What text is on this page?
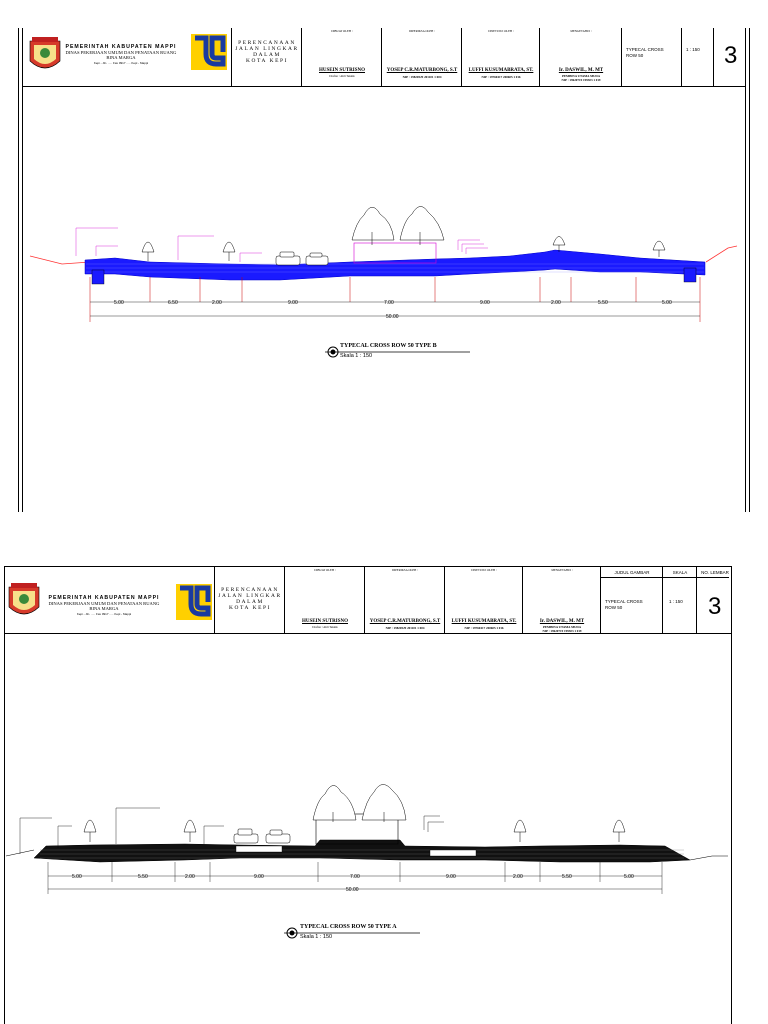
PEMERINTAH KABUPATEN MAPPI
DINAS PEKERJAAN UMUM DAN PENATAAN RUANG
BINA MARGA
Kepi - Jln. ..... Fax 0917 ..... Kepi - Mappi
PERENCANAAN
JALAN LINGKAR
DALAM
KOTA KEPI
DIBUAT OLEH :
HUSEIN SUTRISNO
Drafter / Ahli Teknik
DIPERIKSA OLEH :
YOSEP C.R.MATURBONG, S.T
NIP : 19820529 201101 1 004
DISETUJUI OLEH :
LUFFI KUSUMABRATA, ST.
NIP : 19760417 200605 1 016
MENGETAHUI :
Ir. DASWIL, M. MT
PEMBINA UTAMA MUDA
NIP : 19620719 199303 1 019
TYPECAL CROSS
ROW 50
1 : 150 3
5.00	6.50	2.00	9.00	7.00	9.00	2.00	5.50	5.00
50.00
TYPECAL CROSS ROW 50 TYPE B
Skala 1 : 150
PEMERINTAH KABUPATEN MAPPI
DINAS PEKERJAAN UMUM DAN PENATAAN RUANG
BINA MARGA
Kepi - Jln. ..... Fax 0917 ..... Kepi - Mappi
PERENCANAAN
JALAN LINGKAR
DALAM
KOTA KEPI
DIBUAT OLEH :
HUSEIN SUTRISNO
Drafter / Ahli Teknik
DIPERIKSA OLEH :
YOSEP C.R.MATURBONG, S.T
NIP : 19820529 201101 1 004
DISETUJUI OLEH :
LUFFI KUSUMABRATA, ST.
NIP : 19760417 200605 1 016
MENGETAHUI :
Ir. DASWIL, M. MT
PEMBINA UTAMA MUDA
NIP : 19620719 199303 1 019
JUDUL GAMBAR
TYPECAL CROSS
ROW 50
SKALA
1 : 150
NO. LEMBAR
3
5.00	5.50	2.00	9.00	7.00	9.00	2.00	5.50	5.00
50.00
TYPECAL CROSS ROW 50 TYPE A
Skala 1 : 150
